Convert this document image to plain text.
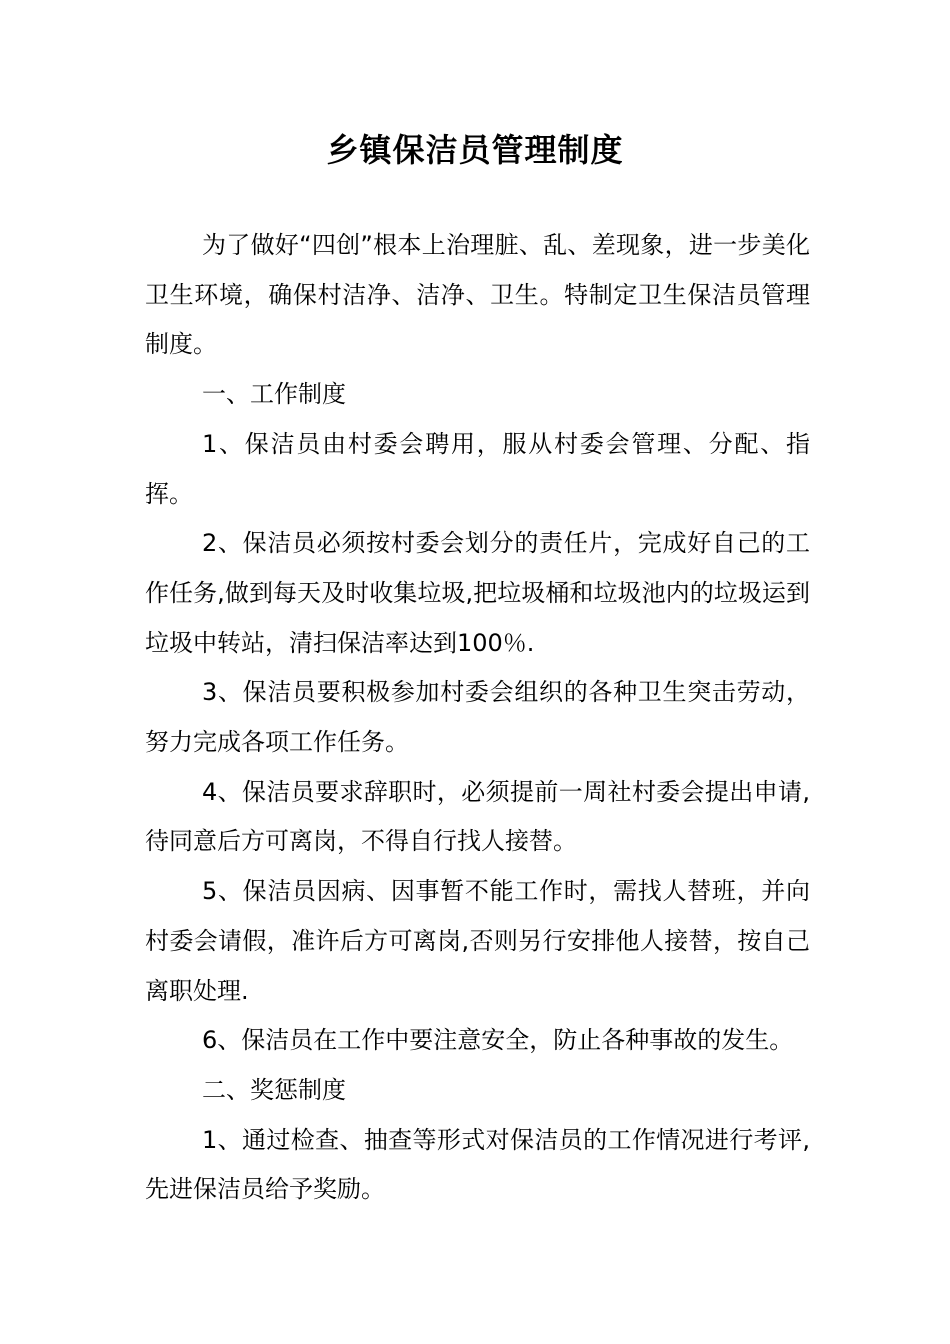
乡镇保洁员管理制度

为了做好“四创”根本上治理脏、乱、差现象，进一步美化卫生环境，确保村洁净、洁净、卫生。特制定卫生保洁员管理制度。

一、工作制度

1、保洁员由村委会聘用，服从村委会管理、分配、指挥。

2、保洁员必须按村委会划分的责任片，完成好自己的工作任务,做到每天及时收集垃圾,把垃圾桶和垃圾池内的垃圾运到垃圾中转站，清扫保洁率达到100％.

3、保洁员要积极参加村委会组织的各种卫生突击劳动，努力完成各项工作任务。

4、保洁员要求辞职时，必须提前一周社村委会提出申请,待同意后方可离岗，不得自行找人接替。

5、保洁员因病、因事暂不能工作时，需找人替班，并向村委会请假，准许后方可离岗,否则另行安排他人接替，按自己离职处理.

6、保洁员在工作中要注意安全，防止各种事故的发生。

二、奖惩制度

1、通过检查、抽查等形式对保洁员的工作情况进行考评,先进保洁员给予奖励。
